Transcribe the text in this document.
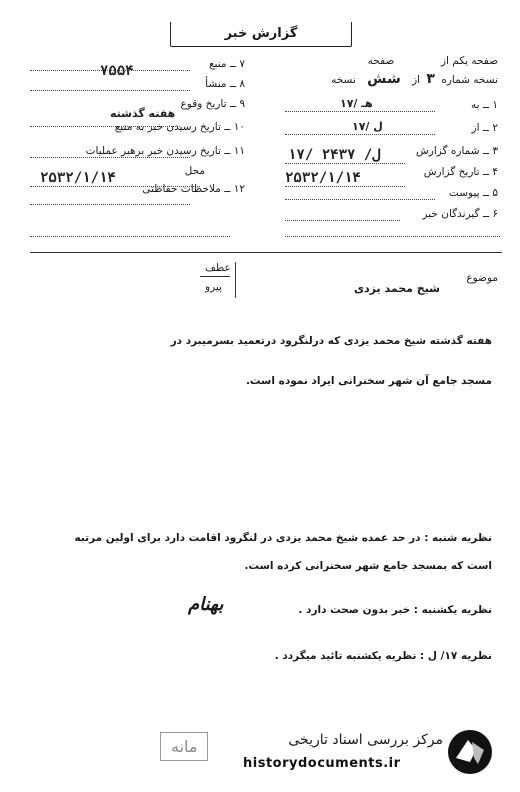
گزارش خبر
صفحه یکم از  صفحه
نسخه شماره ۳ از شش نسخه
۱ ــ به
۱۷/ هـ
۲ ــ از
۱۷/ ل
۳ ــ شماره گزارش
۱۷/ ل/ ۲۴۳۷
۴ ــ تاریخ گزارش
۲۵۳۲/۱/۱۴
۵ ــ پیوست
۶ ــ گیرندگان خبر
۷ ــ منبع
۸ ــ منشأ
۷۵۵۴
۹ ــ تاریخ وقوع
هفته گذشته
۱۰ ــ تاریخ رسیدن خبر به منبع
۱۱ ــ تاریخ رسیدن خبر برهبر عملیات
محل
۲۵۳۲/۱/۱۴
۱۲ ــ ملاحظات حفاظتی
عطف
پیرو
موضوع
شیخ محمد یزدی
هفته گذشته شیخ محمد یزدی که درلنگرود درتعمید بسرمیبرد در
مسجد جامع آن شهر سخنرانی ایراد نموده است.
نظریه شنبه : در حد عمده شیخ محمد یزدی در لنگرود اقامت دارد برای اولین مرتبه
است که بمسجد جامع شهر سخنرانی کرده است.
نظریه یکشنبه : خبر بدون صحت دارد .
بهنام
نظریه ۱۷/ ل : نظریه یکشنبه تائید میگردد .
مانه	مرکز بررسی اسناد تاریخی
historydocuments.ir
